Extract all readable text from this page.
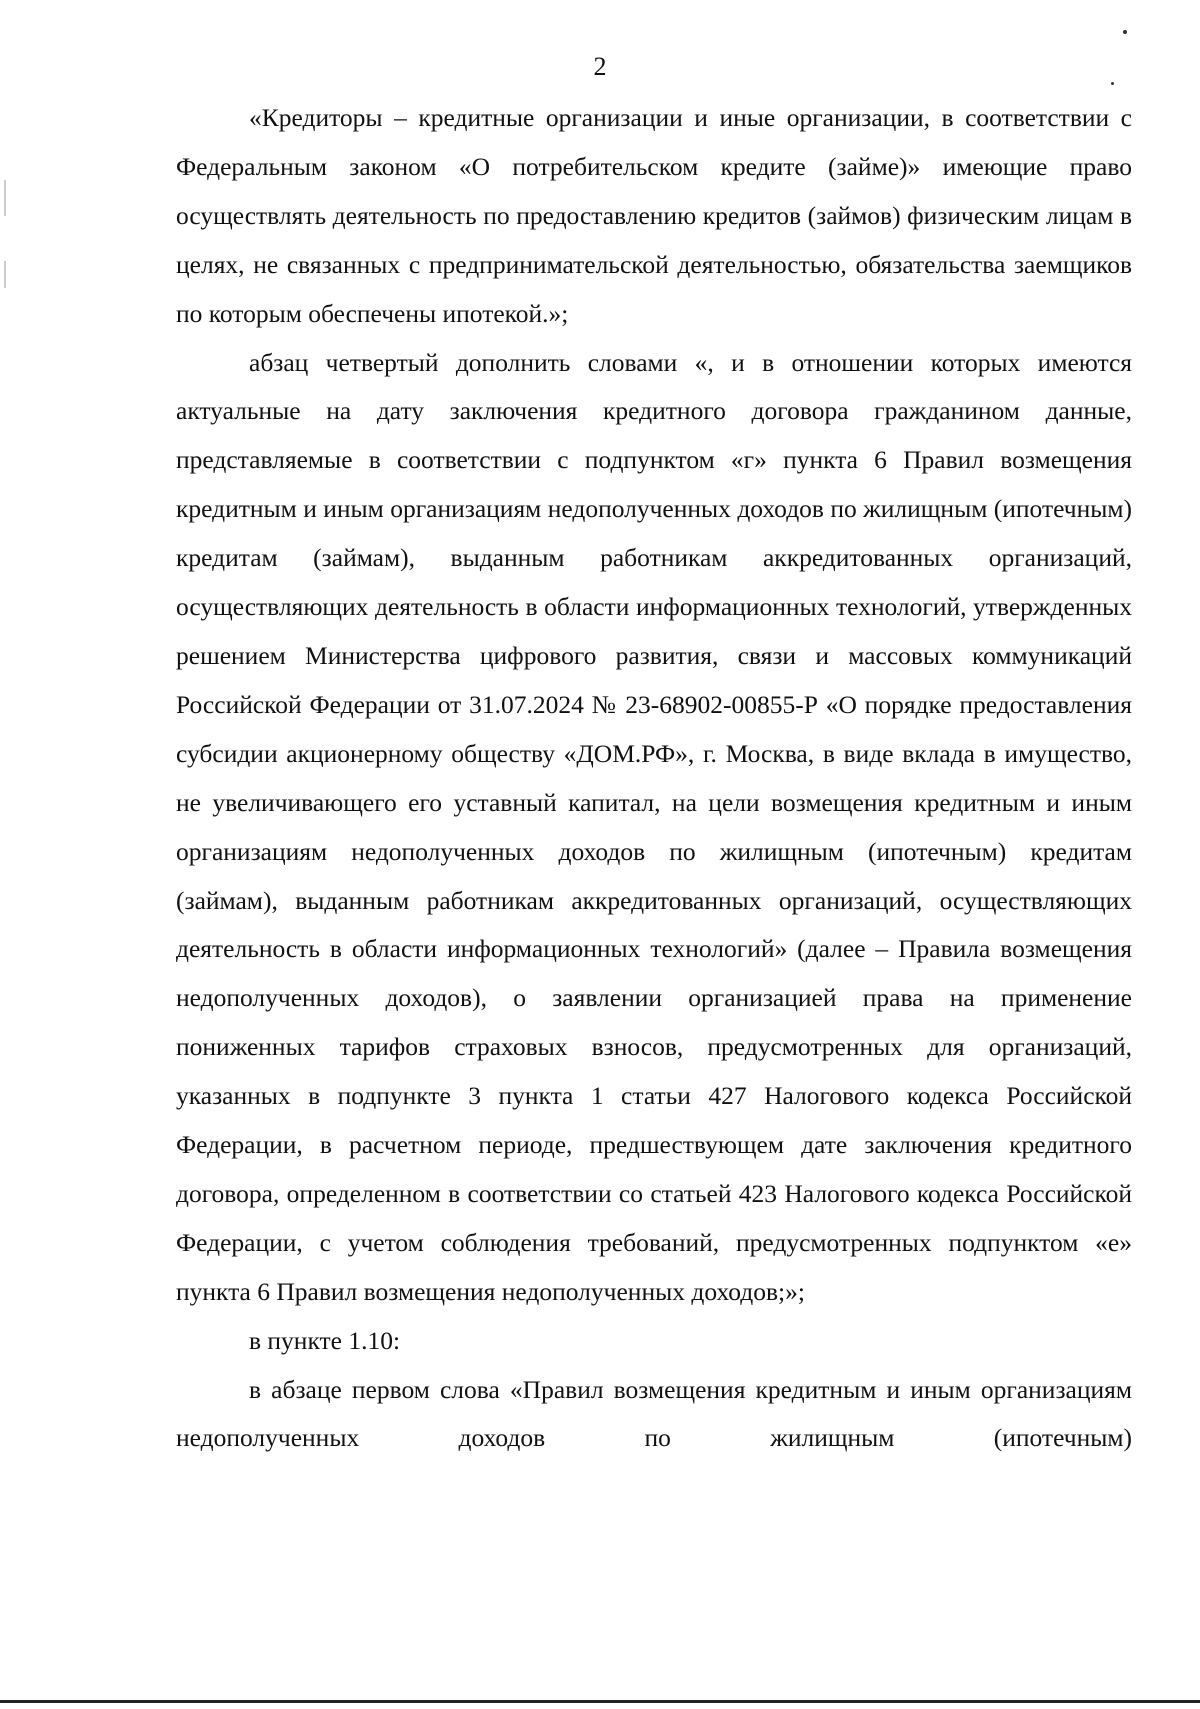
2

«Кредиторы – кредитные организации и иные организации, в соответствии с Федеральным законом «О потребительском кредите (займе)» имеющие право осуществлять деятельность по предоставлению кредитов (займов) физическим лицам в целях, не связанных с предпринимательской деятельностью, обязательства заемщиков по которым обеспечены ипотекой.»;

абзац четвертый дополнить словами «, и в отношении которых имеются актуальные на дату заключения кредитного договора гражданином данные, представляемые в соответствии с подпунктом «г» пункта 6 Правил возмещения кредитным и иным организациям недополученных доходов по жилищным (ипотечным) кредитам (займам), выданным работникам аккредитованных организаций, осуществляющих деятельность в области информационных технологий, утвержденных решением Министерства цифрового развития, связи и массовых коммуникаций Российской Федерации от 31.07.2024 № 23-68902-00855-Р «О порядке предоставления субсидии акционерному обществу «ДОМ.РФ», г. Москва, в виде вклада в имущество, не увеличивающего его уставный капитал, на цели возмещения кредитным и иным организациям недополученных доходов по жилищным (ипотечным) кредитам (займам), выданным работникам аккредитованных организаций, осуществляющих деятельность в области информационных технологий» (далее – Правила возмещения недополученных доходов), о заявлении организацией права на применение пониженных тарифов страховых взносов, предусмотренных для организаций, указанных в подпункте 3 пункта 1 статьи 427 Налогового кодекса Российской Федерации, в расчетном периоде, предшествующем дате заключения кредитного договора, определенном в соответствии со статьей 423 Налогового кодекса Российской Федерации, с учетом соблюдения требований, предусмотренных подпунктом «е» пункта 6 Правил возмещения недополученных доходов;»;

в пункте 1.10:

в абзаце первом слова «Правил возмещения кредитным и иным организациям недополученных доходов по жилищным (ипотечным)
